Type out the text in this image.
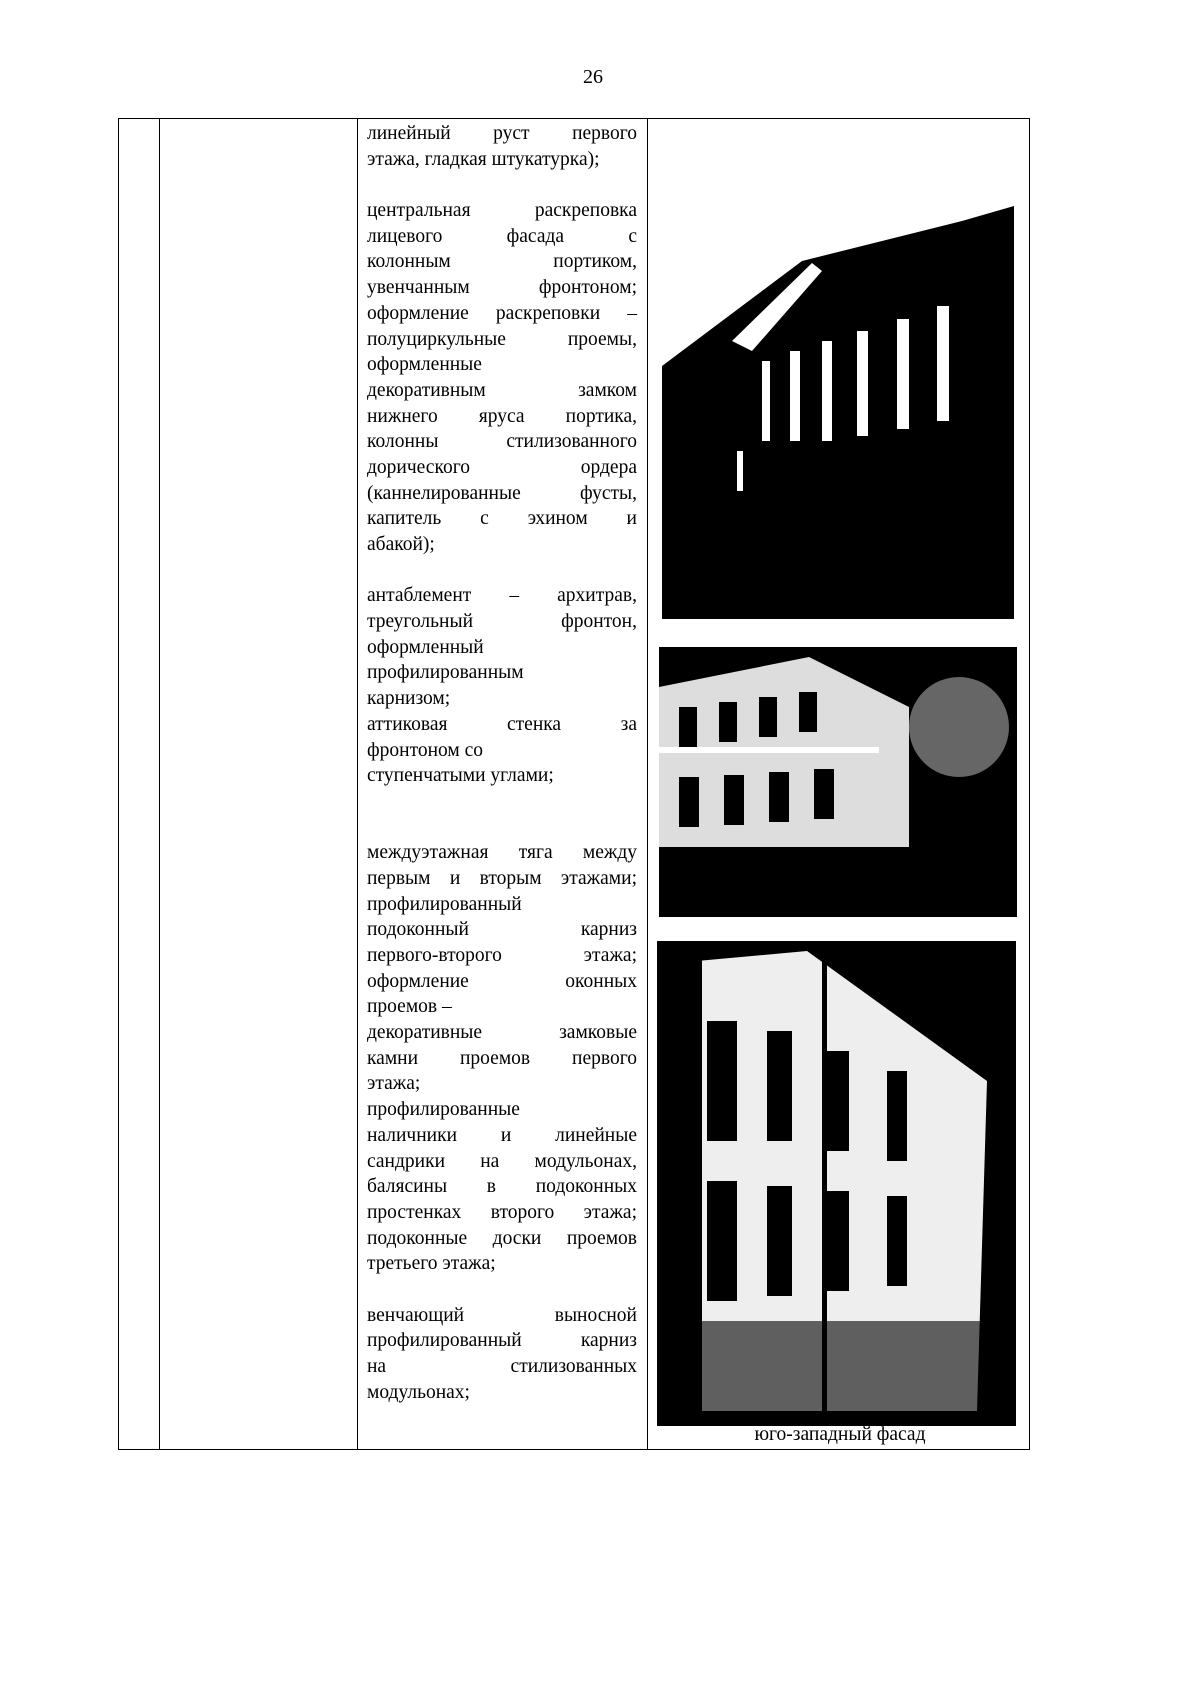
26
линейный руст первого
этажа, гладкая штукатурка);
центральная раскреповка
лицевого фасада с
колонным портиком,
увенчанным фронтоном;
оформление раскреповки –
полуциркульные проемы,
оформленные
декоративным замком
нижнего яруса портика,
колонны стилизованного
дорического ордера
(каннелированные фусты,
капитель с эхином и
абакой);
антаблемент – архитрав,
треугольный фронтон,
оформленный
профилированным
карнизом;
аттиковая стенка за
фронтоном со
ступенчатыми углами;
междуэтажная тяга между
первым и вторым этажами;
профилированный
подоконный карниз
первого-второго этажа;
оформление оконных
проемов –
декоративные замковые
камни проемов первого
этажа;
профилированные
наличники и линейные
сандрики на модульонах,
балясины в подоконных
простенках второго этажа;
подоконные доски проемов
третьего этажа;
венчающий выносной
профилированный карниз
на стилизованных
модульонах;
юго-западный фасад
